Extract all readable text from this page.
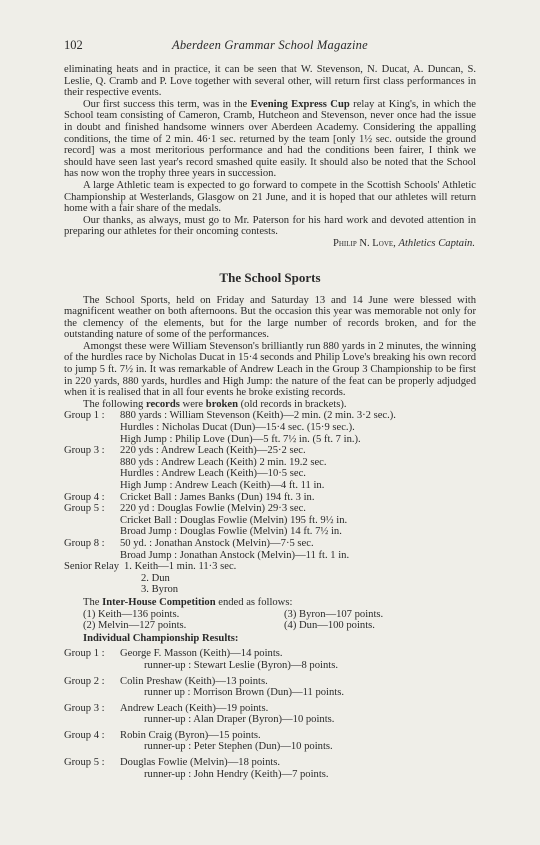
102	Aberdeen Grammar School Magazine

eliminating heats and in practice, it can be seen that W. Stevenson, N. Ducat, A. Duncan, S. Leslie, Q. Cramb and P. Love together with several other, will return first class performances in their respective events.

Our first success this term, was in the Evening Express Cup relay at King's, in which the School team consisting of Cameron, Cramb, Hutcheon and Stevenson, never once had the issue in doubt and finished handsome winners over Aberdeen Academy. Considering the appalling conditions, the time of 2 min. 46·1 sec. returned by the team [only 1½ sec. outside the ground record] was a most meritorious performance and had the conditions been fairer, I think we should have seen last year's record smashed quite easily. It should also be noted that the School has now won the trophy three years in succession.

A large Athletic team is expected to go forward to compete in the Scottish Schools' Athletic Championship at Westerlands, Glasgow on 21 June, and it is hoped that our athletes will return home with a fair share of the medals.

Our thanks, as always, must go to Mr. Paterson for his hard work and devoted attention in preparing our athletes for their oncoming contests.

Philip N. Love, Athletics Captain.

The School Sports

The School Sports, held on Friday and Saturday 13 and 14 June were blessed with magnificent weather on both afternoons. But the occasion this year was memorable not only for the clemency of the elements, but for the large number of records broken, and for the outstanding nature of some of the performances.

Amongst these were William Stevenson's brilliantly run 880 yards in 2 minutes, the winning of the hurdles race by Nicholas Ducat in 15·4 seconds and Philip Love's breaking his own record to jump 5 ft. 7½ in. It was remarkable of Andrew Leach in the Group 3 Championship to be first in 220 yards, 880 yards, hurdles and High Jump: the nature of the feat can be properly adjudged when it is realised that in all four events he broke existing records.

The following records were broken (old records in brackets).

Group 1 :	880 yards : William Stevenson (Keith)—2 min. (2 min. 3·2 sec.).
Hurdles : Nicholas Ducat (Dun)—15·4 sec. (15·9 sec.).
High Jump : Philip Love (Dun)—5 ft. 7½ in. (5 ft. 7 in.).
Group 3 :	220 yds : Andrew Leach (Keith)—25·2 sec.
880 yds : Andrew Leach (Keith) 2 min. 19.2 sec.
Hurdles : Andrew Leach (Keith)—10·5 sec.
High Jump : Andrew Leach (Keith)—4 ft. 11 in.
Group 4 :	Cricket Ball : James Banks (Dun) 194 ft. 3 in.
Group 5 :	220 yd : Douglas Fowlie (Melvin) 29·3 sec.
Cricket Ball : Douglas Fowlie (Melvin) 195 ft. 9½ in.
Broad Jump : Douglas Fowlie (Melvin) 14 ft. 7½ in.
Group 8 :	50 yd. : Jonathan Anstock (Melvin)—7·5 sec.
Broad Jump : Jonathan Anstock (Melvin)—11 ft. 1 in.
Senior Relay 1. Keith—1 min. 11·3 sec.
2. Dun
3. Byron
The Inter-House Competition ended as follows:
(1) Keith—136 points.	(3) Byron—107 points.
(2) Melvin—127 points.	(4) Dun—100 points.
Individual Championship Results:
Group 1 :	George F. Masson (Keith)—14 points.
runner-up : Stewart Leslie (Byron)—8 points.
Group 2 :	Colin Preshaw (Keith)—13 points.
runner up : Morrison Brown (Dun)—11 points.
Group 3 :	Andrew Leach (Keith)—19 points.
runner-up : Alan Draper (Byron)—10 points.
Group 4 :	Robin Craig (Byron)—15 points.
runner-up : Peter Stephen (Dun)—10 points.
Group 5 :	Douglas Fowlie (Melvin)—18 points.
runner-up : John Hendry (Keith)—7 points.
